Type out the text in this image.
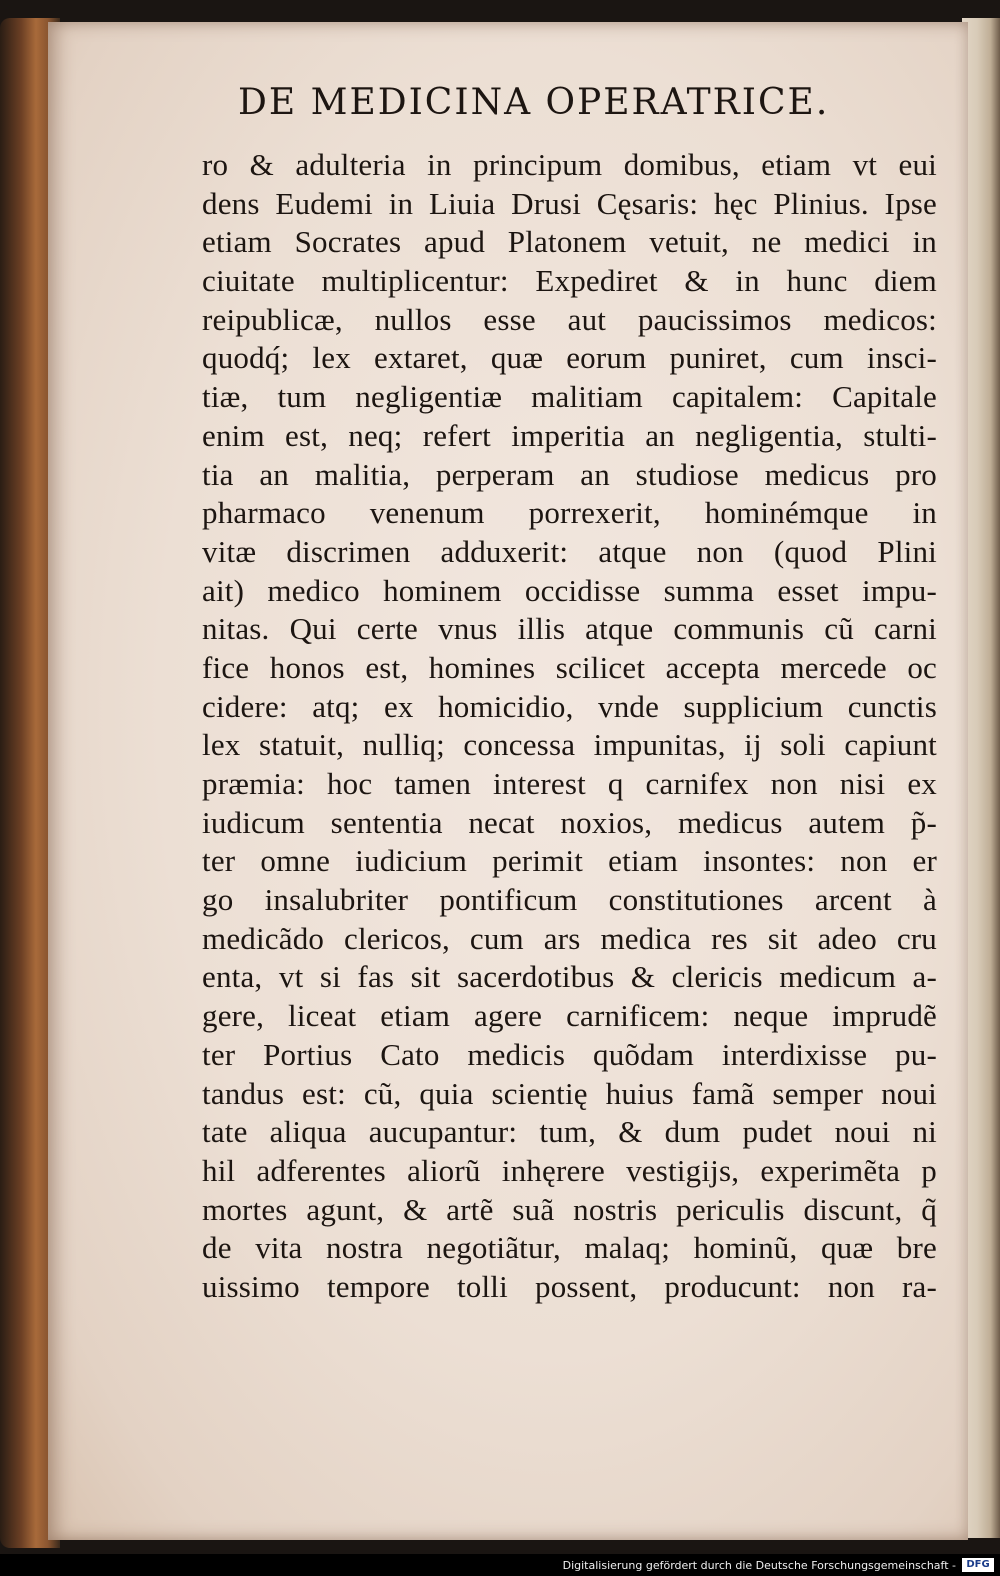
DE MEDICINA OPERATRICE.
ro & adulteria in principum domibus, etiam vt eui
dens Eudemi in Liuia Drusi Cęsaris: hęc Plinius. Ipse
etiam Socrates apud Platonem vetuit, ne medici in
ciuitate multiplicentur: Expediret & in hunc diem
reipublicæ, nullos esse aut paucissimos medicos:
quodq́; lex extaret, quæ eorum puniret, cum insci-
tiæ, tum negligentiæ malitiam capitalem: Capitale
enim est, neq; refert imperitia an negligentia, stulti-
tia an malitia, perperam an studiose medicus pro
pharmaco venenum porrexerit, hominémque in
vitæ discrimen adduxerit: atque non (quod Plini
ait) medico hominem occidisse summa esset impu-
nitas. Qui certe vnus illis atque communis cũ carni
fice honos est, homines scilicet accepta mercede oc
cidere: atq; ex homicidio, vnde supplicium cunctis
lex statuit, nulliq; concessa impunitas, ij soli capiunt
præmia: hoc tamen interest q carnifex non nisi ex
iudicum sententia necat noxios, medicus autem p̃-
ter omne iudicium perimit etiam insontes: non er
go insalubriter pontificum constitutiones arcent à
medicãdo clericos, cum ars medica res sit adeo cru
enta, vt si fas sit sacerdotibus & clericis medicum a-
gere, liceat etiam agere carnificem: neque imprudẽ
ter Portius Cato medicis quõdam interdixisse pu-
tandus est: cũ, quia scientię huius famã semper noui
tate aliqua aucupantur: tum, & dum pudet noui ni
hil adferentes aliorũ inhęrere vestigijs, experimẽta p
mortes agunt, & artẽ suã nostris periculis discunt, q̃
de vita nostra negotiãtur, malaq; hominũ, quæ bre
uissimo tempore tolli possent, producunt: non ra-
Digitalisierung gefördert durch die Deutsche Forschungsgemeinschaft -	DFG
